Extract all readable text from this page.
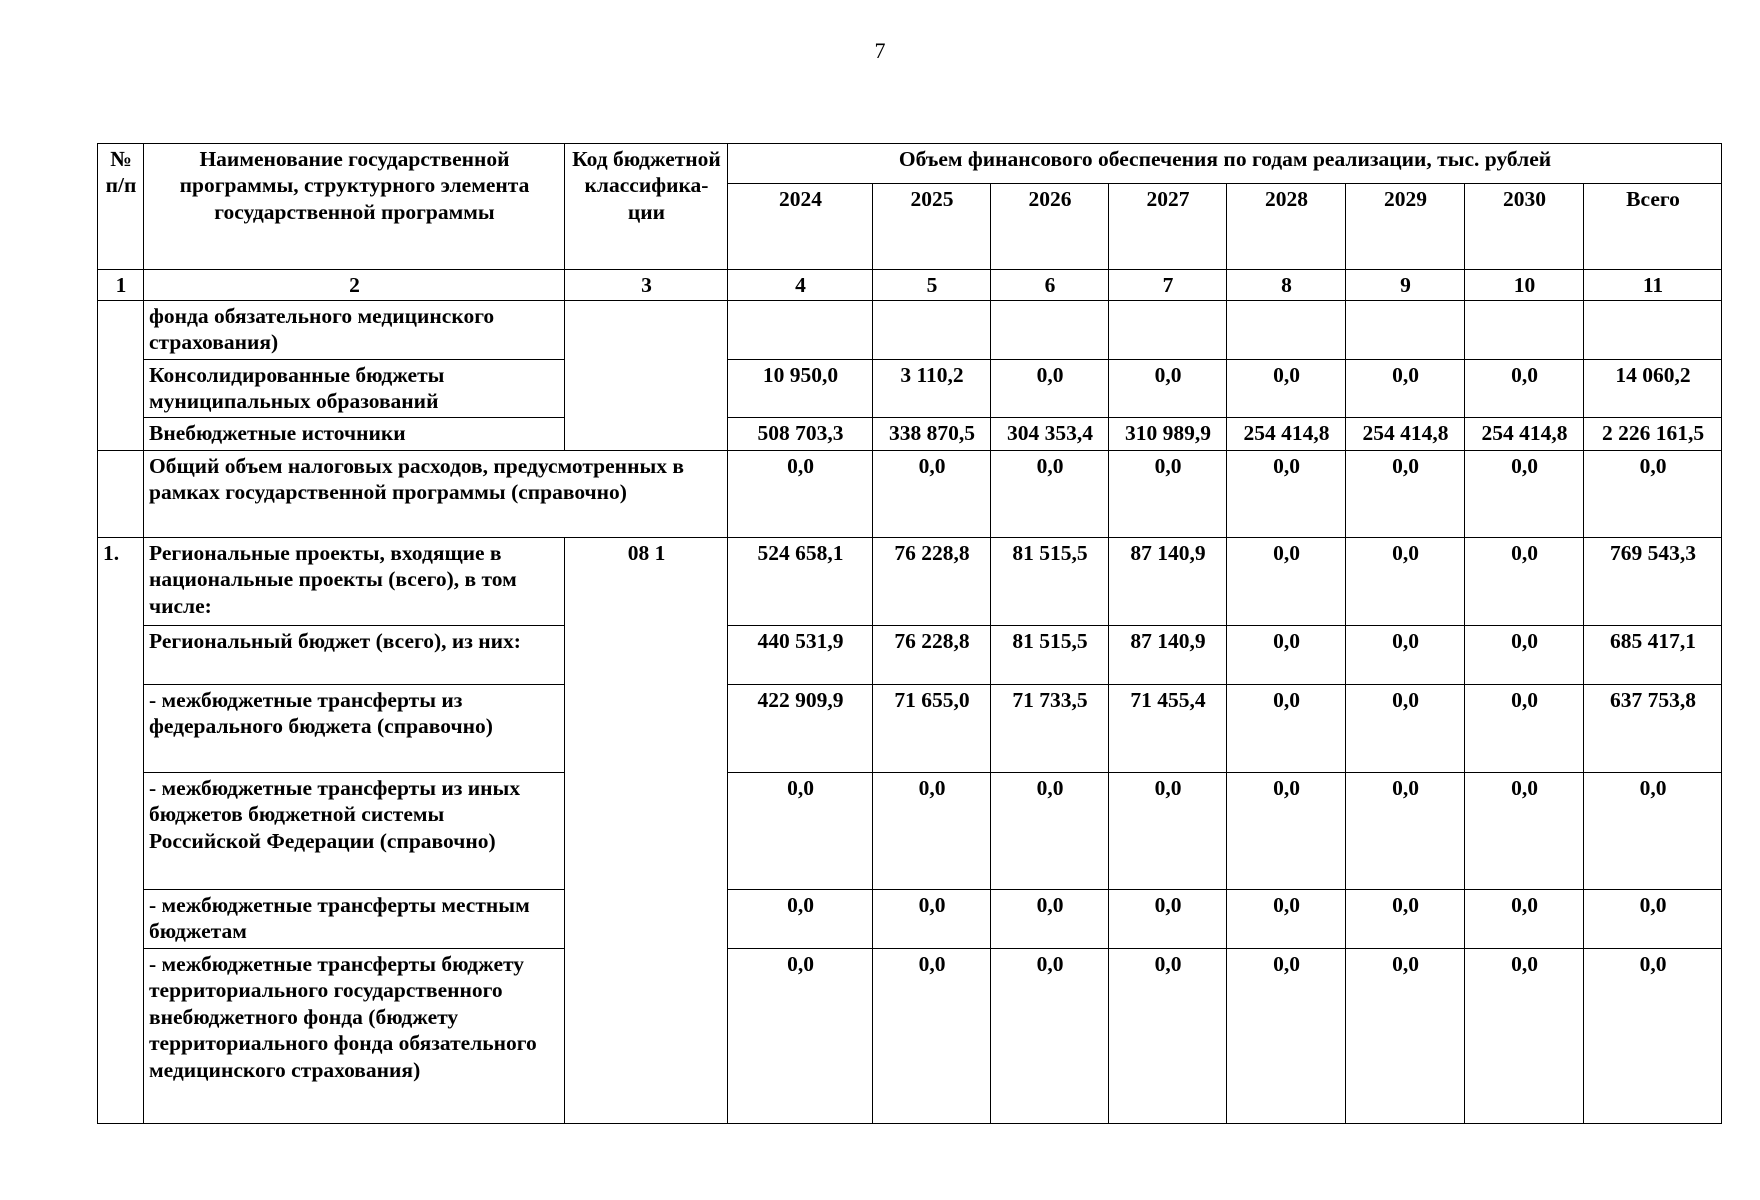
7
№ п/п	Наименование государственной программы, структурного элемента государственной программы	Код бюджетной классифика-ции	Объем финансового обеспечения по годам реализации, тыс. рублей							
			2024	2025	2026	2027	2028	2029	2030	Всего
1	2	3	4	5	6	7	8	9	10	11
	фонда обязательного медицинского страхования)									
	Консолидированные бюджеты муниципальных образований		10 950,0	3 110,2	0,0	0,0	0,0	0,0	0,0	14 060,2
	Внебюджетные источники		508 703,3	338 870,5	304 353,4	310 989,9	254 414,8	254 414,8	254 414,8	2 226 161,5
	Общий объем налоговых расходов, предусмотренных в рамках государственной программы (справочно)		0,0	0,0	0,0	0,0	0,0	0,0	0,0	0,0
1.	Региональные проекты, входящие в национальные проекты (всего), в том числе:	08 1	524 658,1	76 228,8	81 515,5	87 140,9	0,0	0,0	0,0	769 543,3
	Региональный бюджет (всего), из них:		440 531,9	76 228,8	81 515,5	87 140,9	0,0	0,0	0,0	685 417,1
	- межбюджетные трансферты из федерального бюджета (справочно)		422 909,9	71 655,0	71 733,5	71 455,4	0,0	0,0	0,0	637 753,8
	- межбюджетные трансферты из иных бюджетов бюджетной системы Российской Федерации (справочно)		0,0	0,0	0,0	0,0	0,0	0,0	0,0	0,0
	- межбюджетные трансферты местным бюджетам		0,0	0,0	0,0	0,0	0,0	0,0	0,0	0,0
	- межбюджетные трансферты бюджету территориального государственного внебюджетного фонда (бюджету территориального фонда обязательного медицинского страхования)		0,0	0,0	0,0	0,0	0,0	0,0	0,0	0,0
